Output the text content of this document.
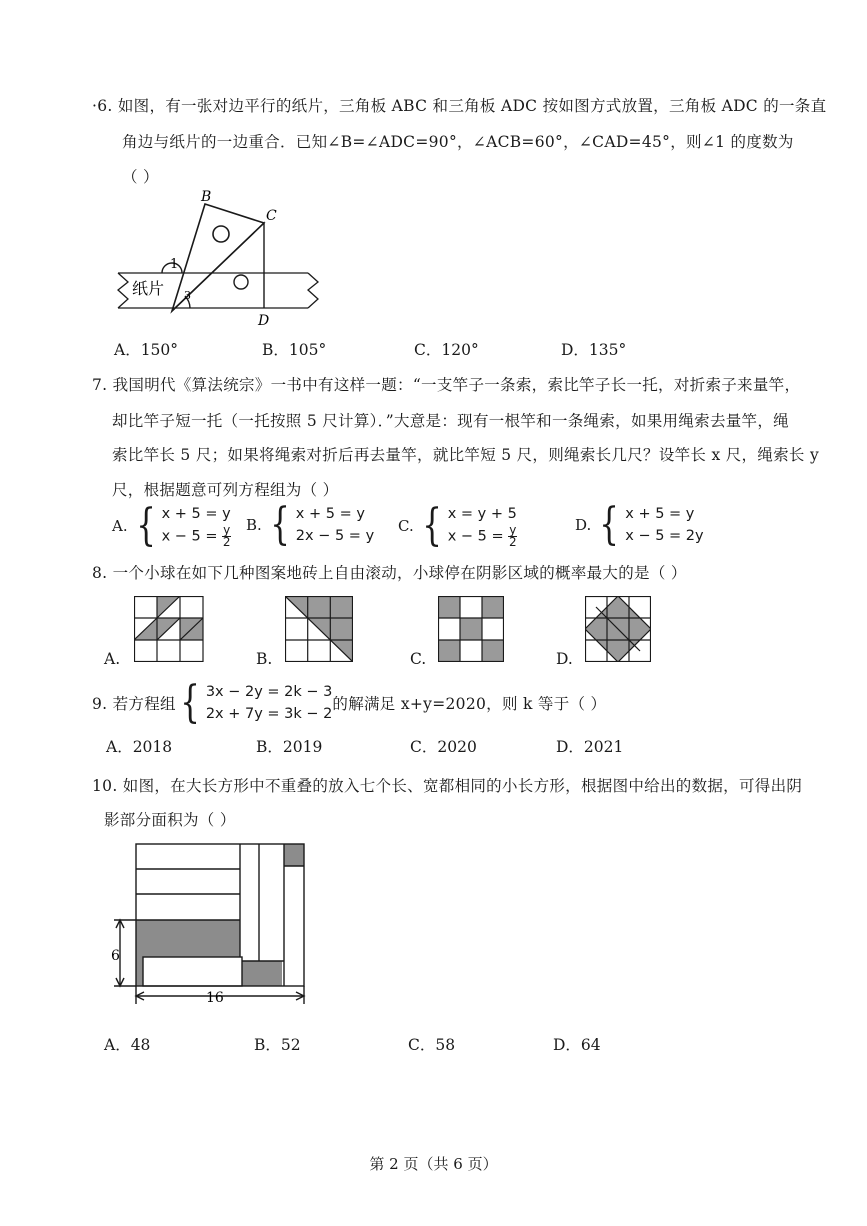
·6. 如图，有一张对边平行的纸片，三角板 ABC 和三角板 ADC 按如图方式放置，三角板 ADC 的一条直
角边与纸片的一边重合．已知∠B=∠ADC=90°，∠ACB=60°，∠CAD=45°，则∠1 的度数为
（ ）
B
C
D
1
3
纸片
A．150°	B．105°	C．120°	D．135°
7. 我国明代《算法统宗》一书中有这样一题：“一支竿子一条索，索比竿子长一托，对折索子来量竿，
却比竿子短一托（一托按照 5 尺计算）．”大意是：现有一根竿和一条绳索，如果用绳索去量竿，绳
索比竿长 5 尺；如果将绳索对折后再去量竿，就比竿短 5 尺，则绳索长几尺？设竿长 x 尺，绳索长 y
尺，根据题意可列方程组为（ ）
A. { x + 5 = y
$x - 5 = \frac{y}{2} B$. { x + 5 = y
2x − 5 = y
C. { x = y + 5
$x - 5 = \frac{y}{2}$	D. { x + 5 = y
x − 5 = 2y
8. 一个小球在如下几种图案地砖上自由滚动，小球停在阴影区域的概率最大的是（ ）
A.	B.	C.	D.
9. 若方程组 { 3x − 2y = 2k − 3
2x + 7y = 3k − 2
的解满足 x+y=2020，则 k 等于（ ）
A．2018	B．2019	C．2020	D．2021
10. 如图，在大长方形中不重叠的放入七个长、宽都相同的小长方形，根据图中给出的数据，可得出阴
影部分面积为（ ）
6
16
A．48	B．52	C．58	D．64
第 2 页（共 6 页）
